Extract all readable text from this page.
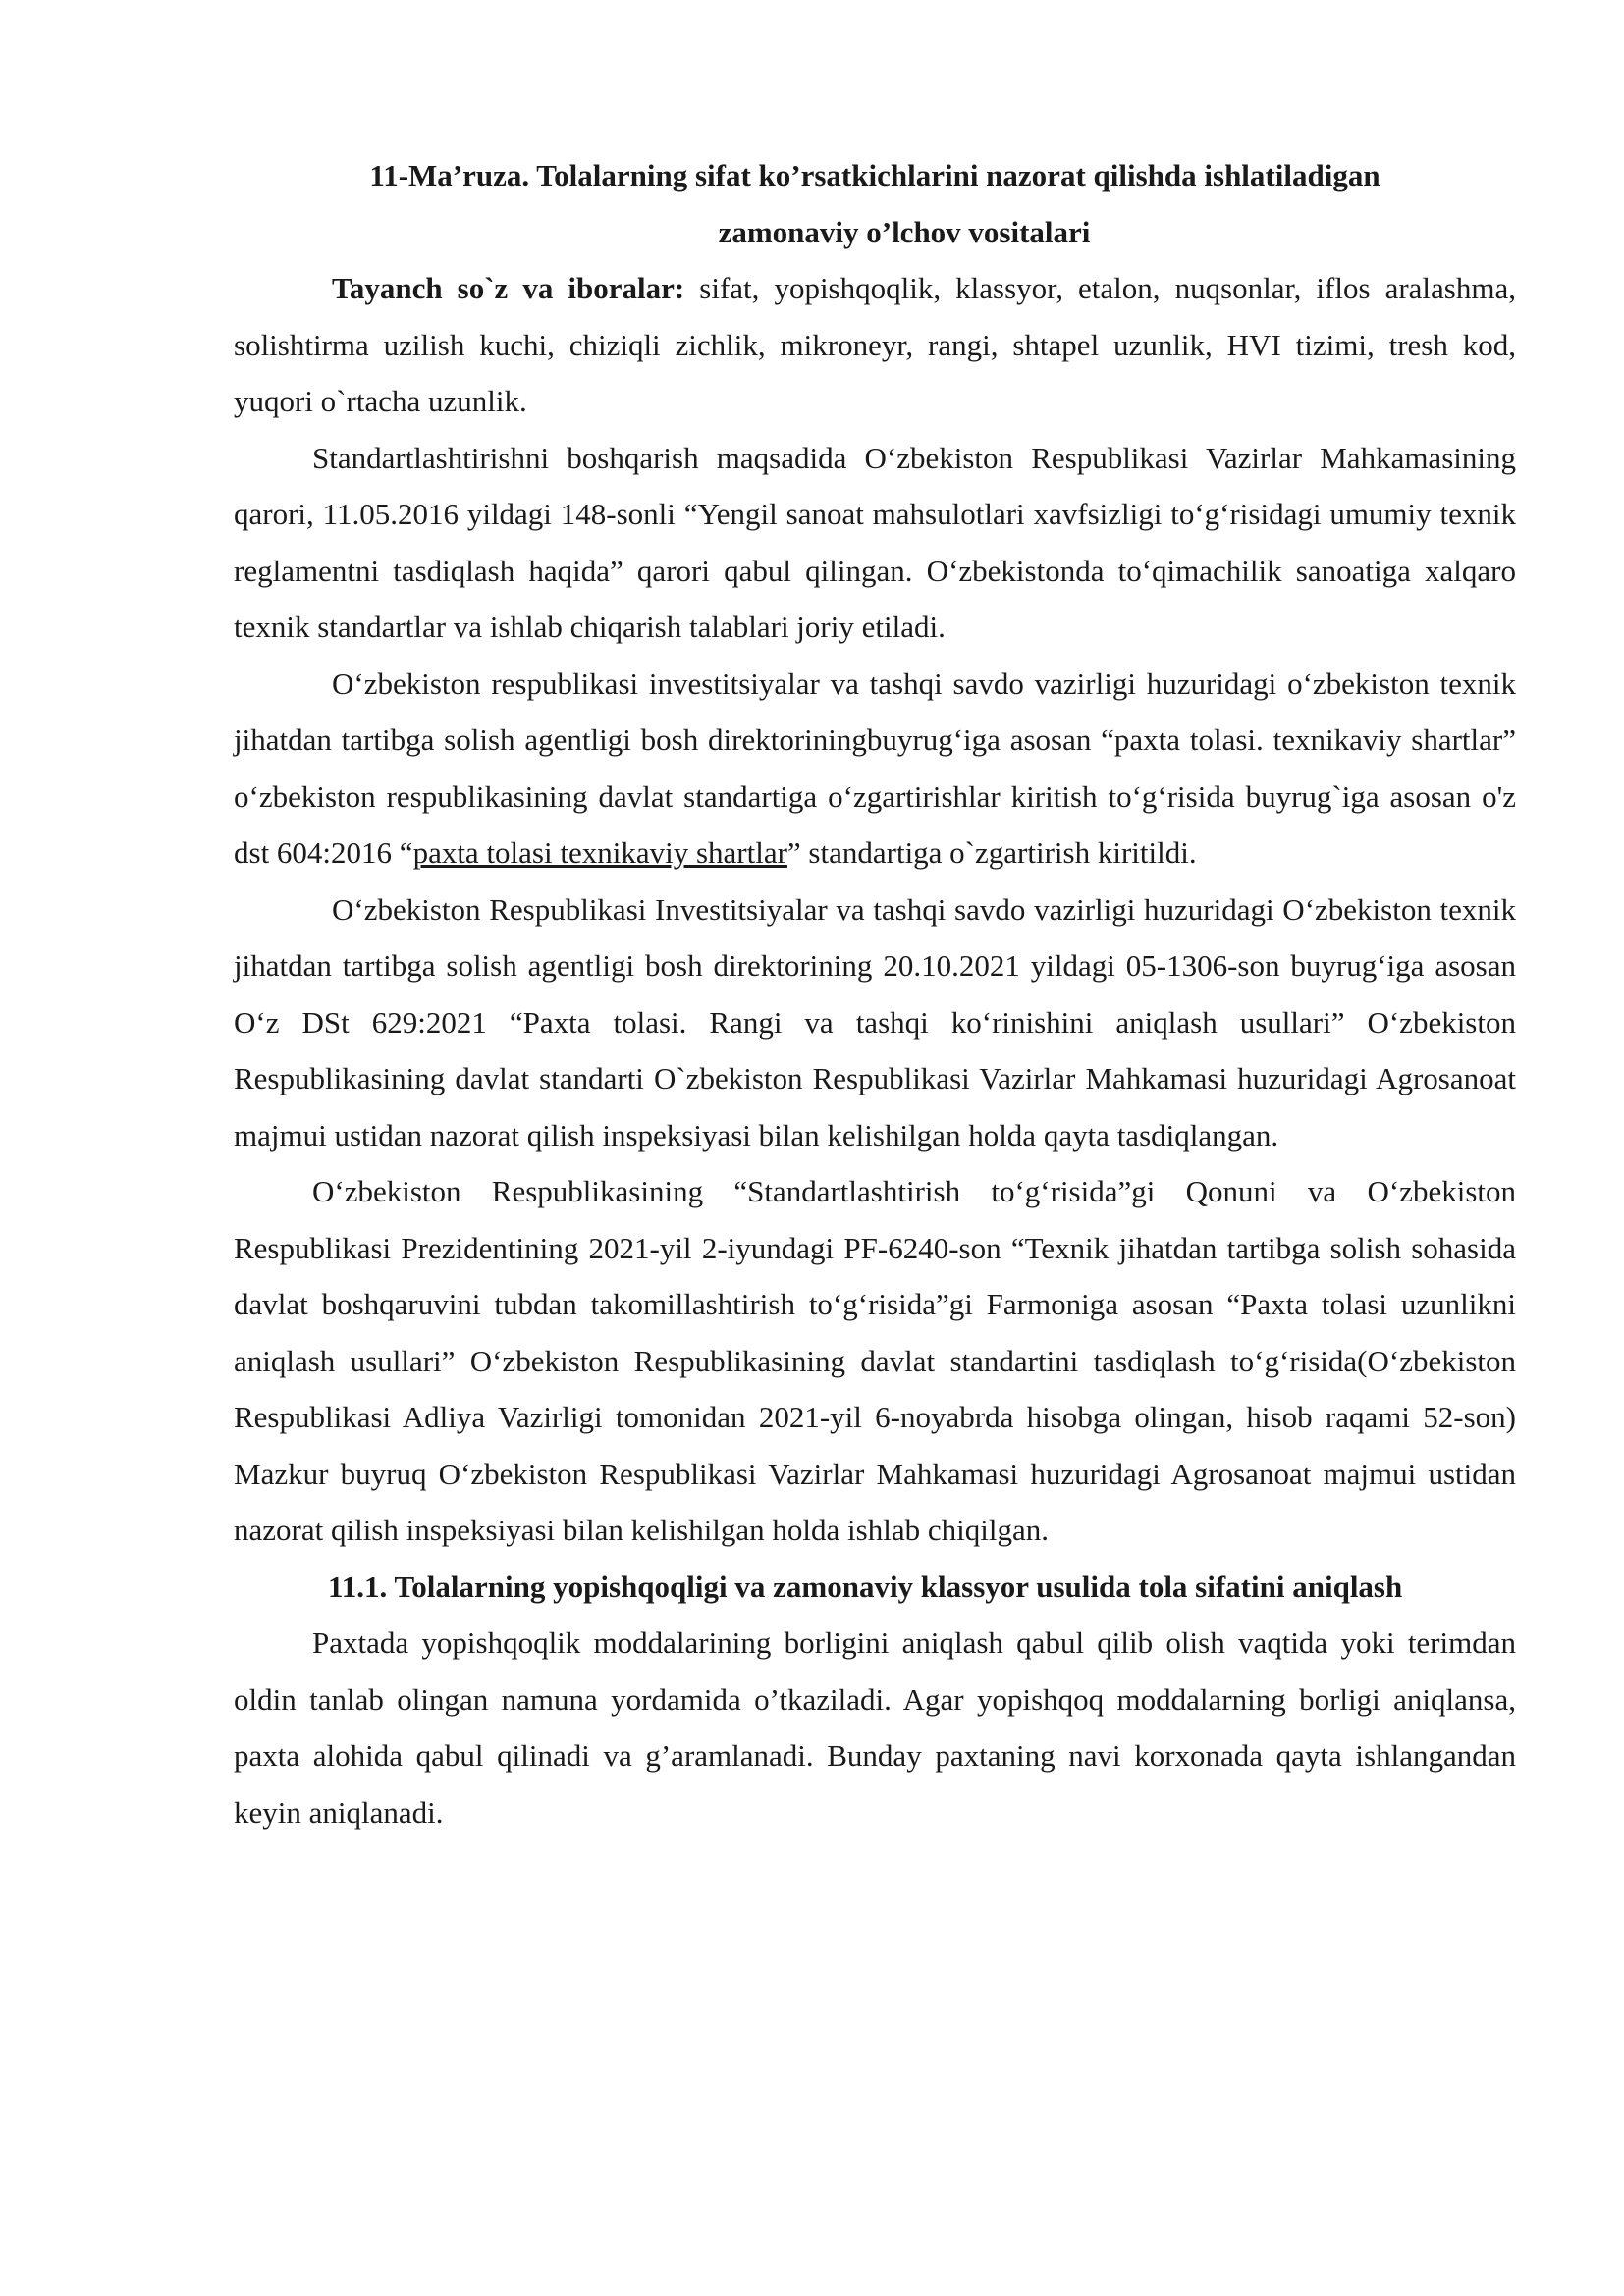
11-Ma’ruza. Tolalarning sifat ko’rsatkichlarini nazorat qilishda ishlatiladigan
zamonaviy o’lchov vositalari

Tayanch so`z va iboralar: sifat, yopishqoqlik, klassyor, etalon, nuqsonlar, iflos aralashma, solishtirma uzilish kuchi, chiziqli zichlik, mikroneyr, rangi, shtapel uzunlik, HVI tizimi, tresh kod, yuqori o`rtacha uzunlik.

Standartlashtirishni boshqarish maqsadida O‘zbekiston Respublikasi Vazirlar Mahkamasining qarori, 11.05.2016 yildagi 148-sonli “Yengil sanoat mahsulotlari xavfsizligi to‘g‘risidagi umumiy texnik reglamentni tasdiqlash haqida” qarori qabul qilingan. O‘zbekistonda to‘qimachilik sanoatiga xalqaro texnik standartlar va ishlab chiqarish talablari joriy etiladi.

O‘zbekiston respublikasi investitsiyalar va tashqi savdo vazirligi huzuridagi o‘zbekiston texnik jihatdan tartibga solish agentligi bosh direktoriningbuyrug‘iga asosan “paxta tolasi. texnikaviy shartlar” o‘zbekiston respublikasining davlat standartiga o‘zgartirishlar kiritish to‘g‘risida buyrug`iga asosan o'z dst 604:2016 “paxta tolasi texnikaviy shartlar” standartiga o`zgartirish kiritildi.

O‘zbekiston Respublikasi Investitsiyalar va tashqi savdo vazirligi huzuridagi O‘zbekiston texnik jihatdan tartibga solish agentligi bosh direktorining 20.10.2021 yildagi 05-1306-son buyrug‘iga asosan O‘z DSt 629:2021 “Paxta tolasi. Rangi va tashqi ko‘rinishini aniqlash usullari” O‘zbekiston Respublikasining davlat standarti O`zbekiston Respublikasi Vazirlar Mahkamasi huzuridagi Agrosanoat majmui ustidan nazorat qilish inspeksiyasi bilan kelishilgan holda qayta tasdiqlangan.

O‘zbekiston Respublikasining “Standartlashtirish to‘g‘risida”gi Qonuni va O‘zbekiston Respublikasi Prezidentining 2021-yil 2-iyundagi PF-6240-son “Texnik jihatdan tartibga solish sohasida davlat boshqaruvini tubdan takomillashtirish to‘g‘risida”gi Farmoniga asosan “Paxta tolasi uzunlikni aniqlash usullari” O‘zbekiston Respublikasining davlat standartini tasdiqlash to‘g‘risida(O‘zbekiston Respublikasi Adliya Vazirligi tomonidan 2021-yil 6-noyabrda hisobga olingan, hisob raqami 52-son) Mazkur buyruq O‘zbekiston Respublikasi Vazirlar Mahkamasi huzuridagi Agrosanoat majmui ustidan nazorat qilish inspeksiyasi bilan kelishilgan holda ishlab chiqilgan.

11.1. Tolalarning yopishqoqligi va zamonaviy klassyor usulida tola sifatini aniqlash

Paxtada yopishqoqlik moddalarining borligini aniqlash qabul qilib olish vaqtida yoki terimdan oldin tanlab olingan namuna yordamida o’tkaziladi. Agar yopishqoq moddalarning borligi aniqlansa, paxta alohida qabul qilinadi va g’aramlanadi. Bunday paxtaning navi korxonada qayta ishlangandan keyin aniqlanadi.
